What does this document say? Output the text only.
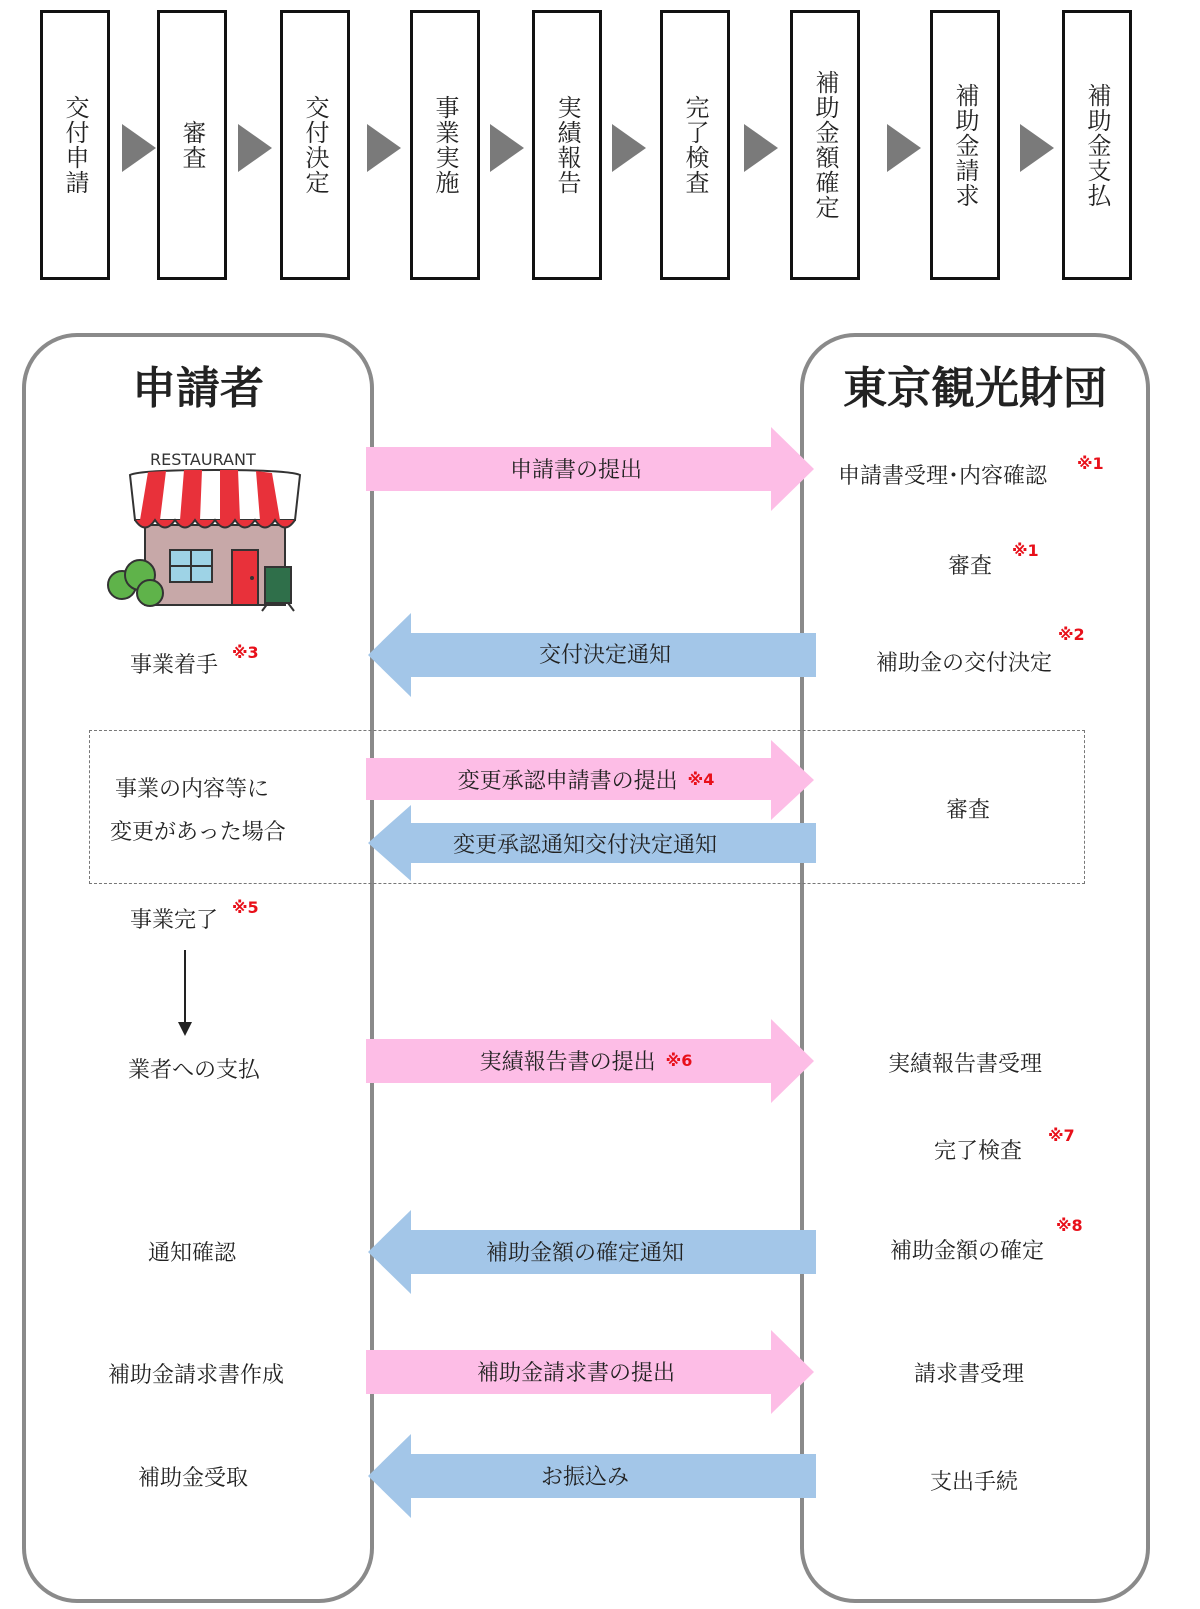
交付申請	審査	交付決定	事業実施	実績報告	完了検査	補助金額確定	補助金請求	補助金支払
申請者	東京観光財団
RESTAURANT	申請書の提出
交付決定通知
変更承認申請書の提出 ※4
変更承認通知交付決定通知
実績報告書の提出 ※6
補助金額の確定通知
補助金請求書の提出
お振込み
事業着手
※3
事業の内容等に
変更があった場合
事業完了
※5
業者への支払
通知確認
補助金請求書作成
補助金受取
申請書受理･内容確認
※1
審査
※1
補助金の交付決定
※2
審査
実績報告書受理
完了検査
※7
補助金額の確定
※8
請求書受理
支出手続
